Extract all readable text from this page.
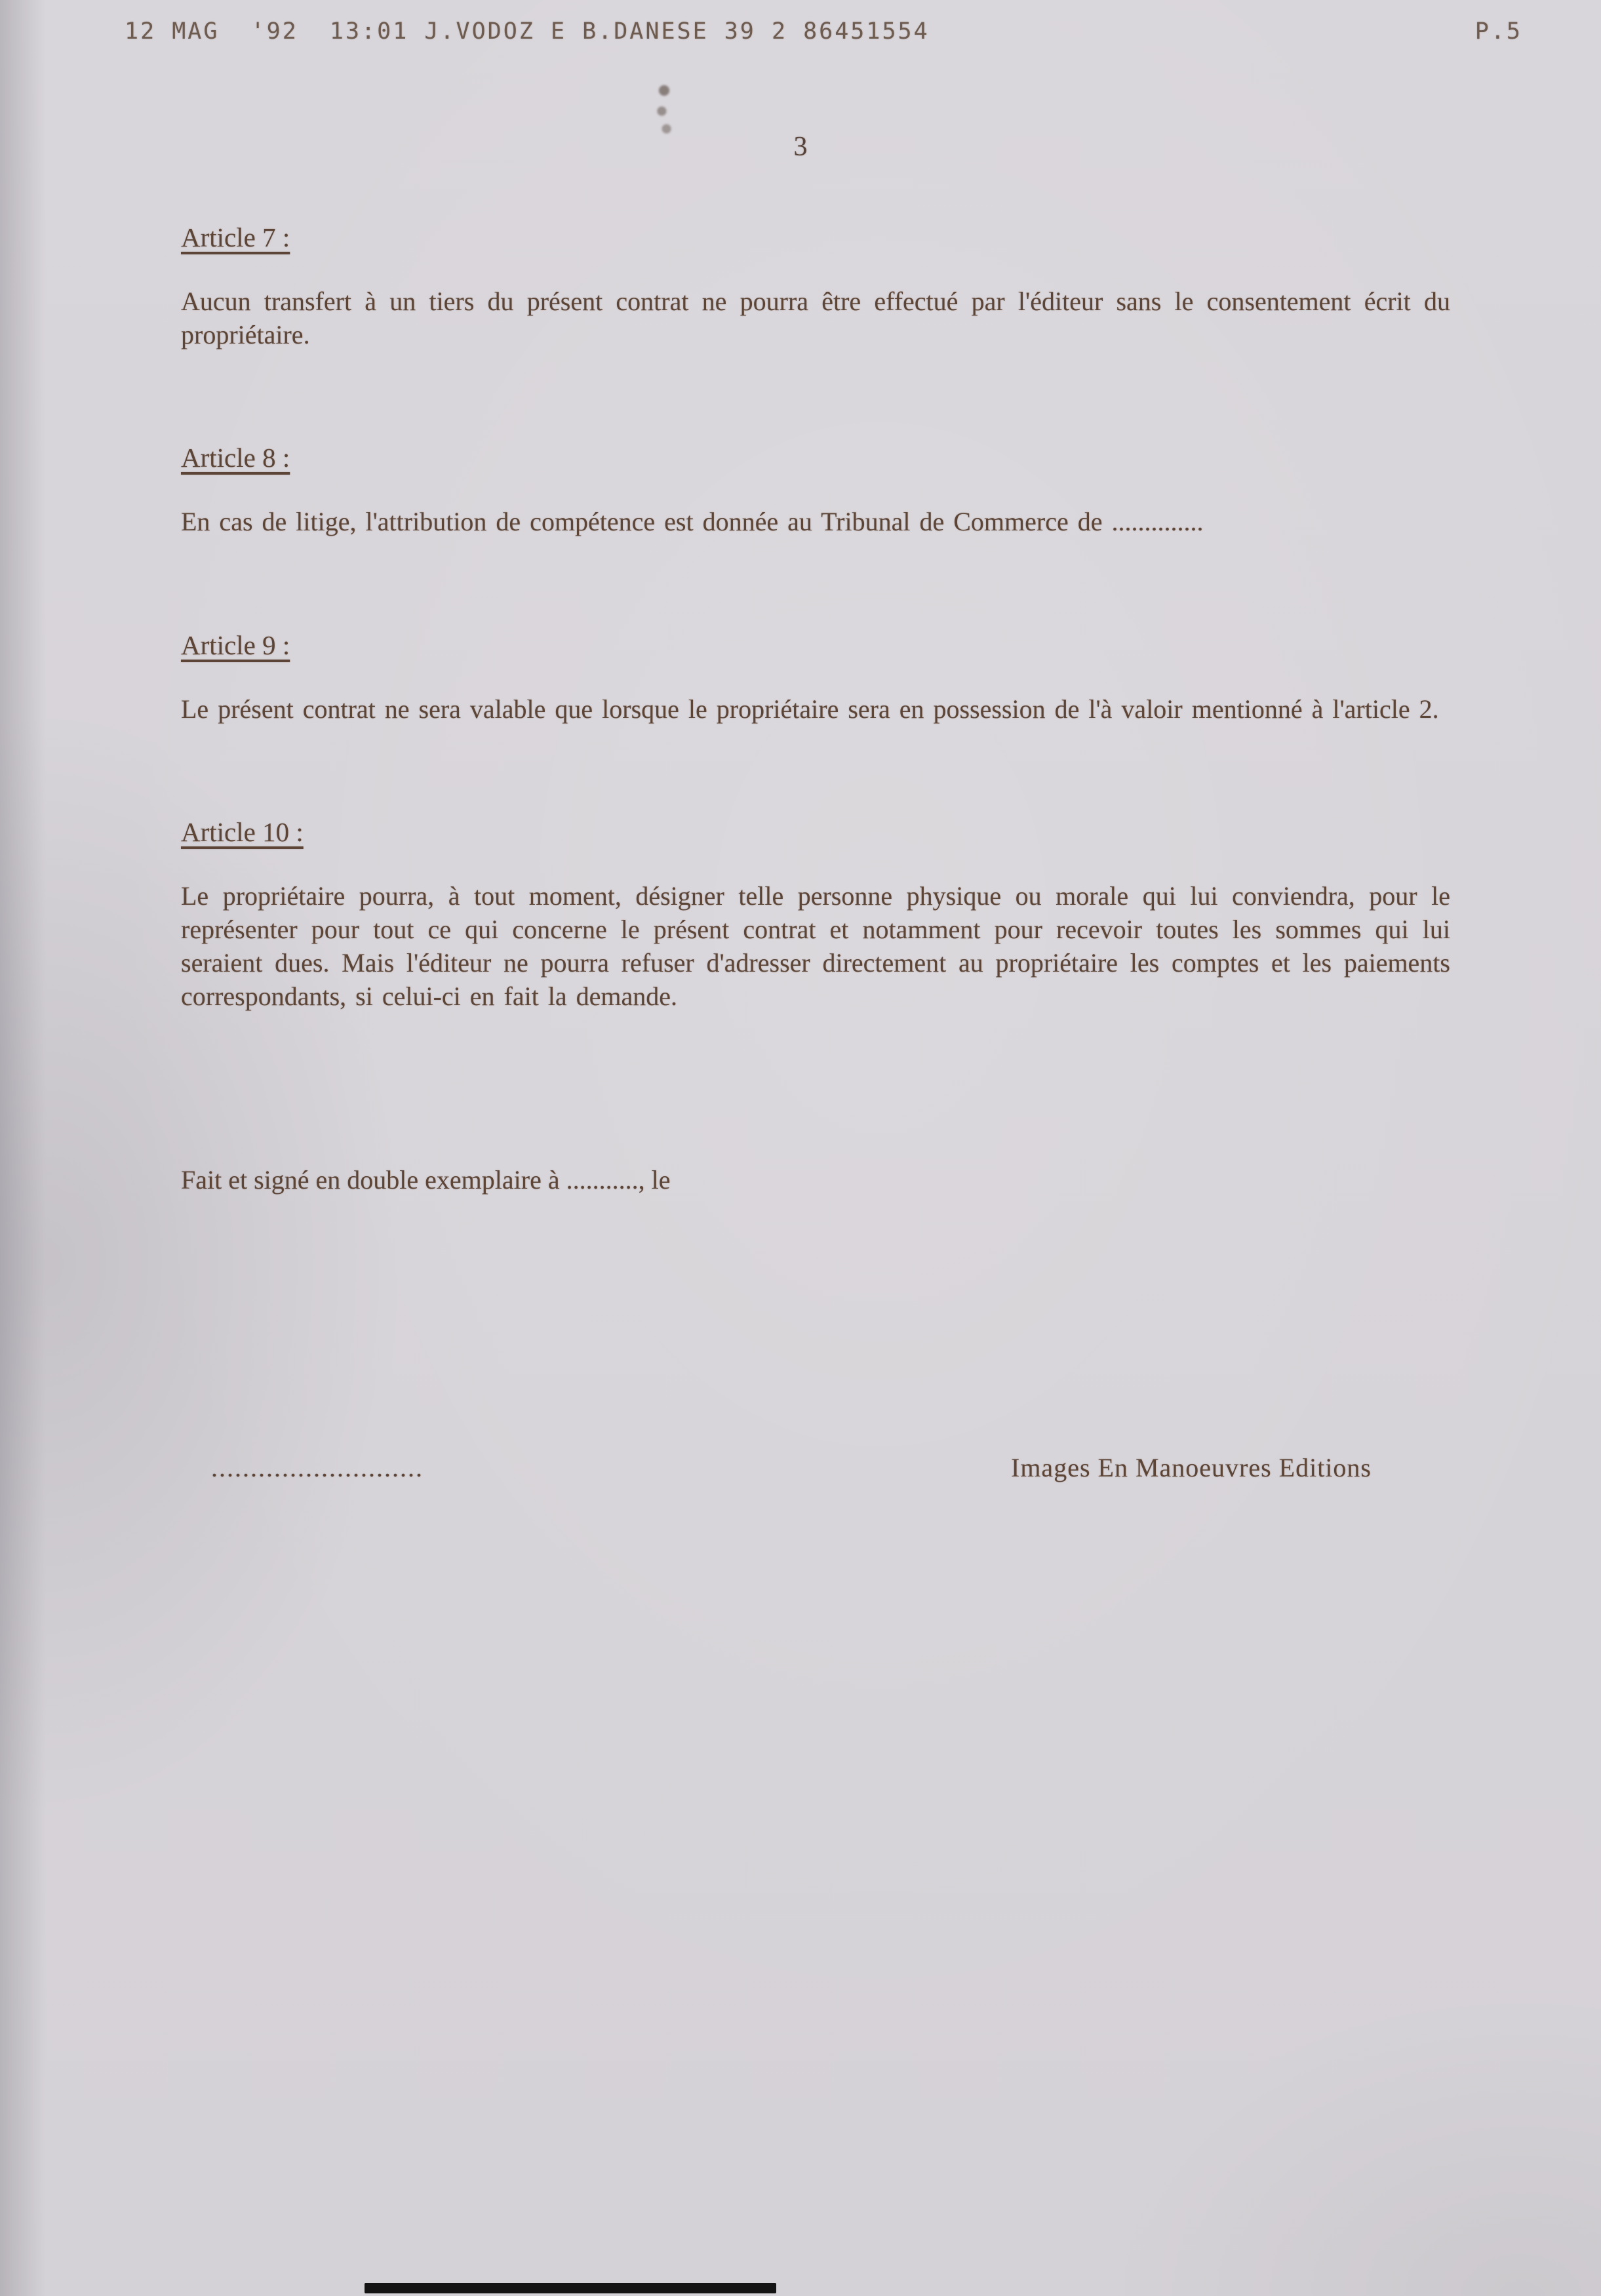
12 MAG  '92  13:01 J.VODOZ E B.DANESE 39 2 86451554	P.5
3
Article 7 :

Aucun transfert à un tiers du présent contrat ne pourra être effectué par l'éditeur sans le consentement écrit du propriétaire.

Article 8 :

En cas de litige, l'attribution de compétence est donnée au Tribunal de Commerce de ..............

Article 9 :

Le présent contrat ne sera valable que lorsque le propriétaire sera en possession de l'à valoir mentionné à l'article 2.

Article 10 :

Le propriétaire pourra, à tout moment, désigner telle personne physique ou morale qui lui conviendra, pour le représenter pour tout ce qui concerne le présent contrat et notamment pour recevoir toutes les sommes qui lui seraient dues. Mais l'éditeur ne pourra refuser d'adresser directement au propriétaire les comptes et les paiements correspondants, si celui-ci en fait la demande.

Fait et signé en double exemplaire à ..........., le
...........................	Images En Manoeuvres Editions
